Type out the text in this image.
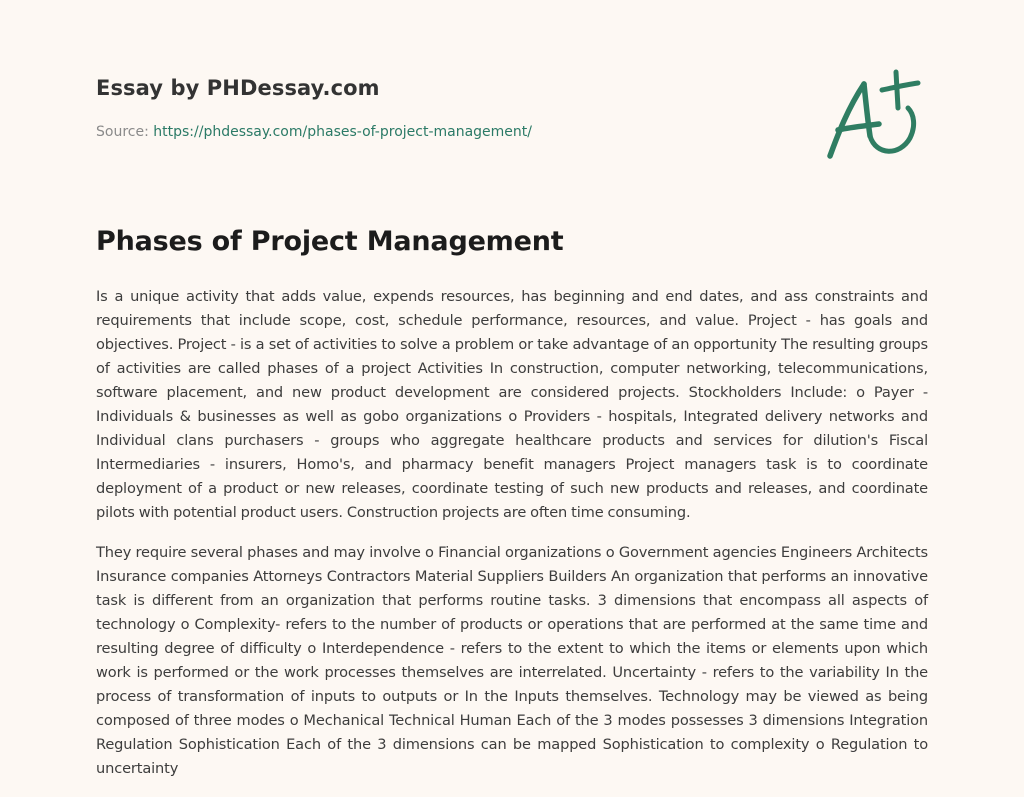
Essay by PHDessay.com
Source: https://phdessay.com/phases-of-project-management/
Phases of Project Management

Is a unique activity that adds value, expends resources, has beginning and end dates, and ass constraints and requirements that include scope, cost, schedule performance, resources, and value. Project - has goals and objectives. Project - is a set of activities to solve a problem or take advantage of an opportunity The resulting groups of activities are called phases of a project Activities In construction, computer networking, telecommunications, software placement, and new product development are considered projects. Stockholders Include: o Payer - Individuals & businesses as well as gobo organizations o Providers - hospitals, Integrated delivery networks and Individual clans purchasers - groups who aggregate healthcare products and services for dilution's Fiscal Intermediaries - insurers, Homo's, and pharmacy benefit managers Project managers task is to coordinate deployment of a product or new releases, coordinate testing of such new products and releases, and coordinate pilots with potential product users. Construction projects are often time consuming.

They require several phases and may involve o Financial organizations o Government agencies Engineers Architects Insurance companies Attorneys Contractors Material Suppliers Builders An organization that performs an innovative task is different from an organization that performs routine tasks. 3 dimensions that encompass all aspects of technology o Complexity- refers to the number of products or operations that are performed at the same time and resulting degree of difficulty o Interdependence - refers to the extent to which the items or elements upon which work is performed or the work processes themselves are interrelated. Uncertainty - refers to the variability In the process of transformation of inputs to outputs or In the Inputs themselves. Technology may be viewed as being composed of three modes o Mechanical Technical Human Each of the 3 modes possesses 3 dimensions Integration Regulation Sophistication Each of the 3 dimensions can be mapped Sophistication to complexity o Regulation to uncertainty
